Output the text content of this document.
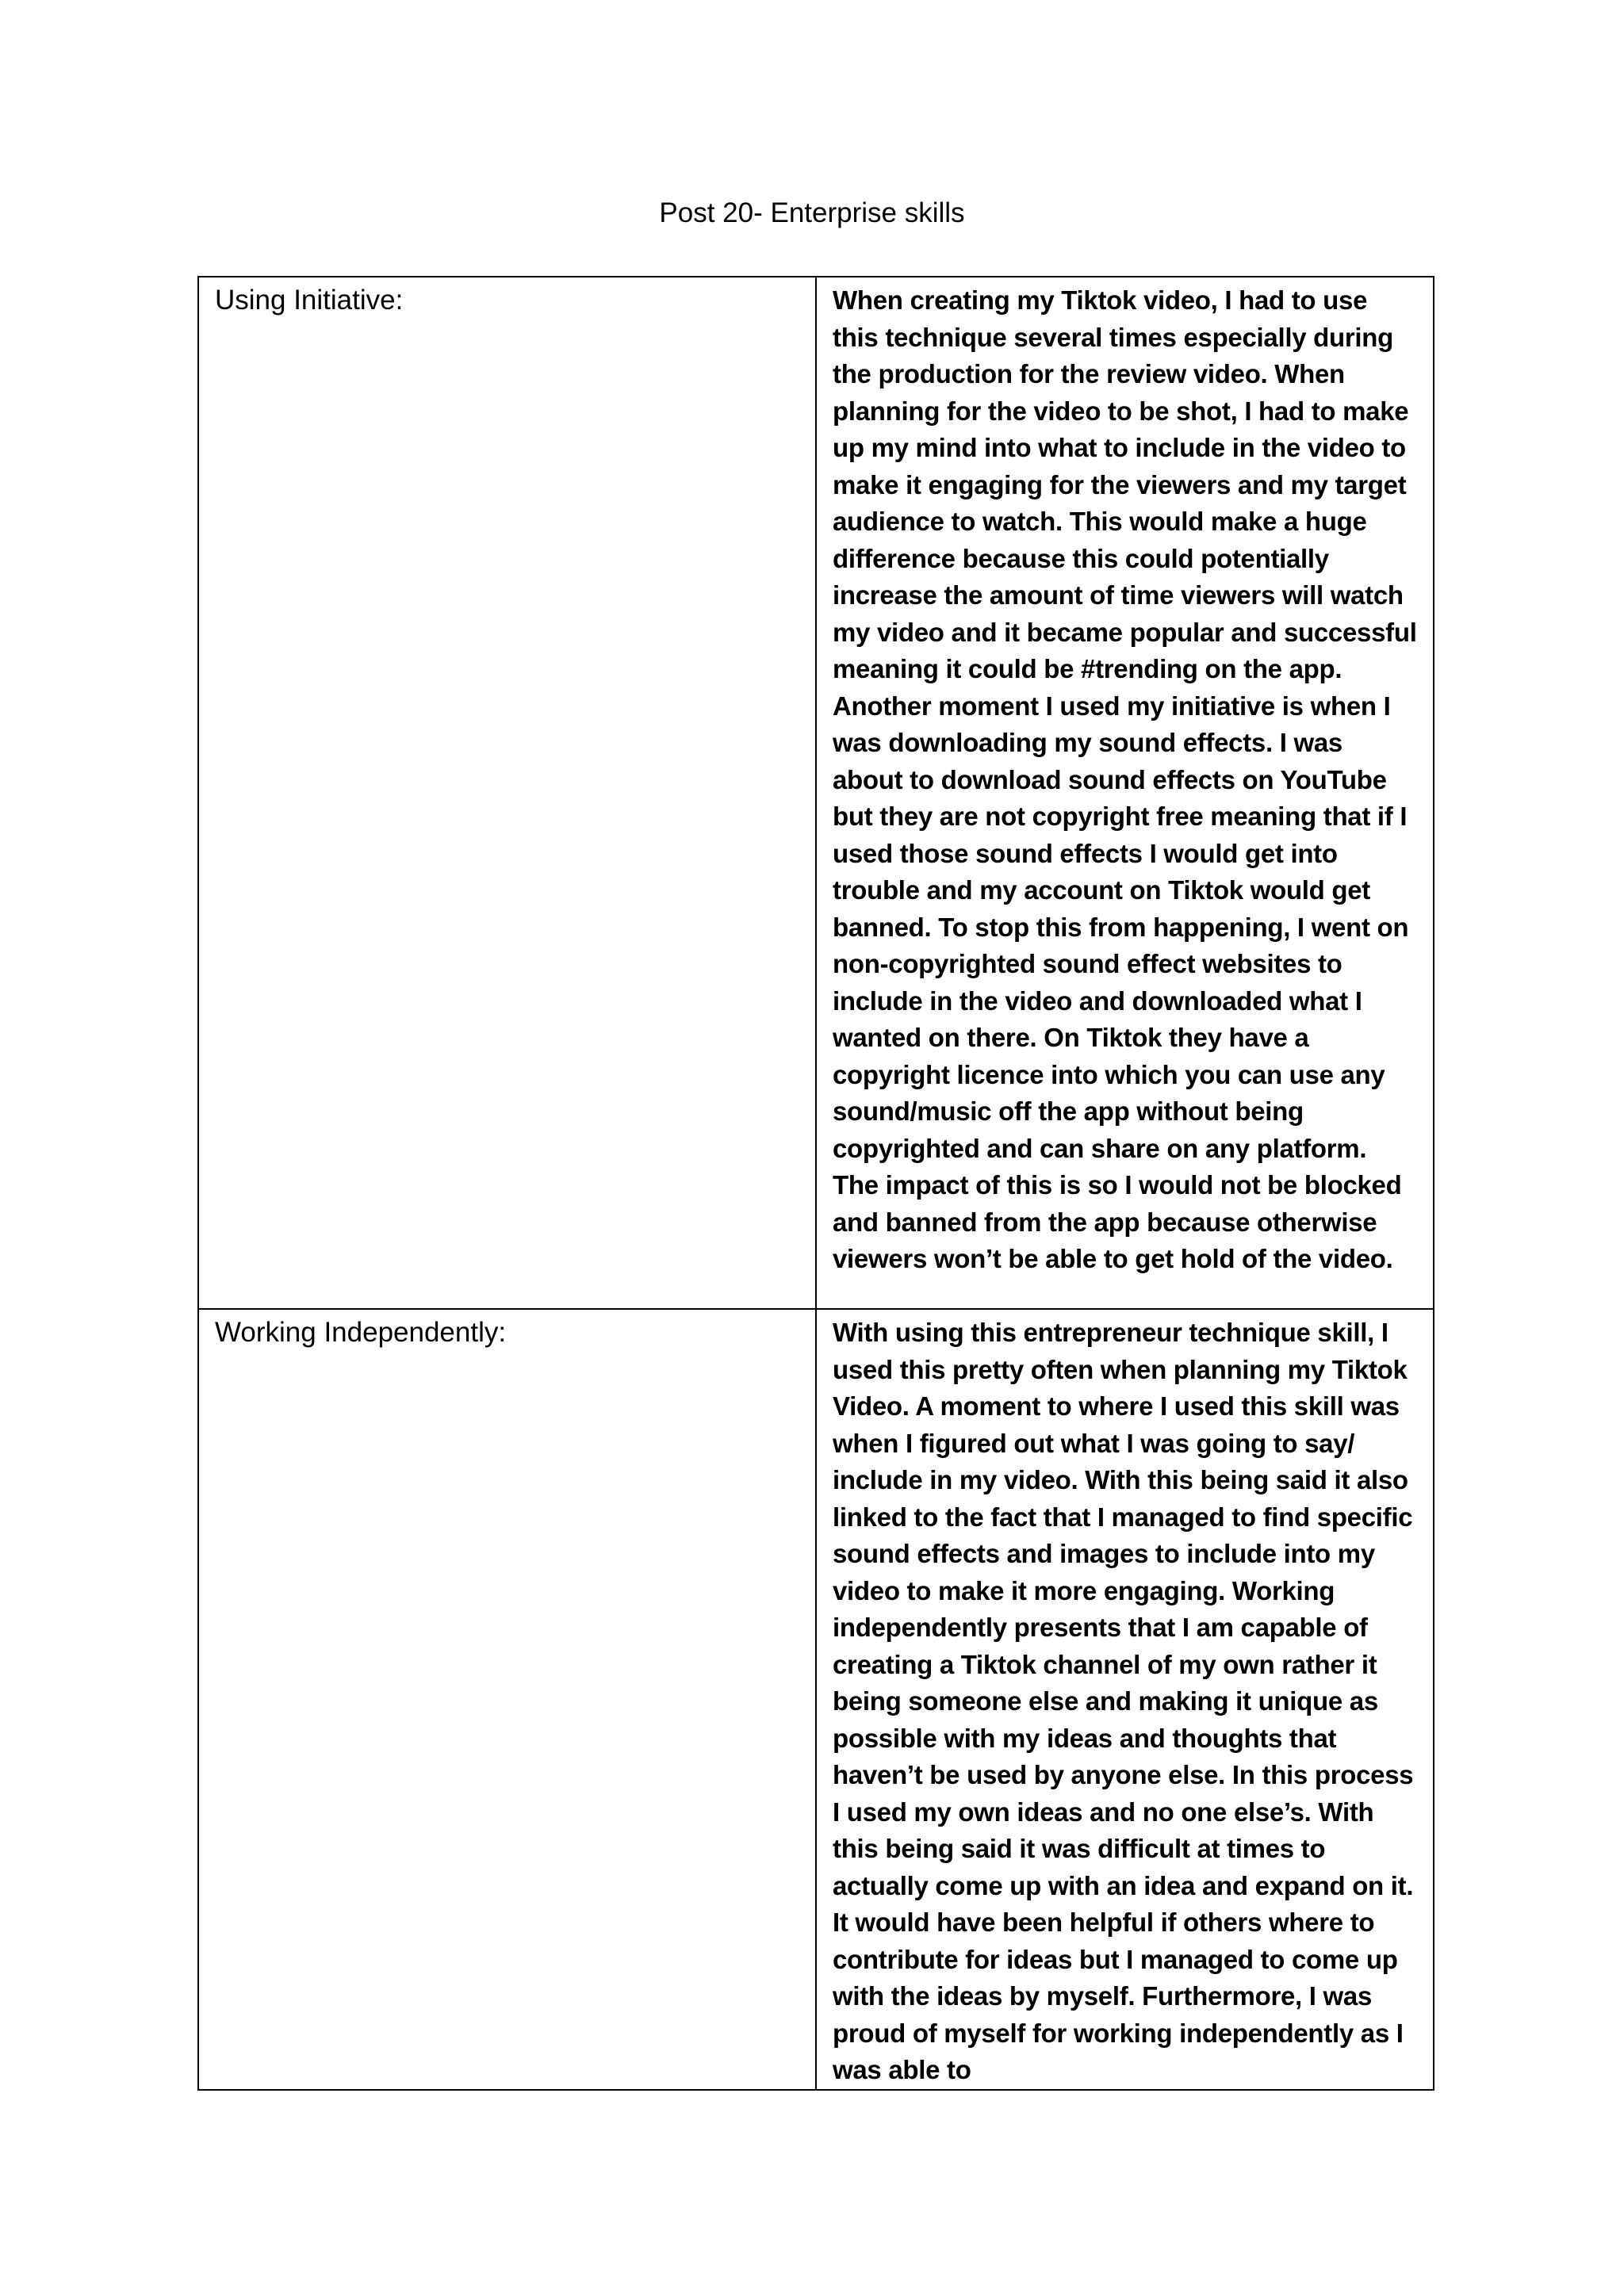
Post 20- Enterprise skills
Using Initiative:	When creating my Tiktok video, I had to use this technique several times especially during the production for the review video. When planning for the video to be shot, I had to make up my mind into what to include in the video to make it engaging for the viewers and my target audience to watch. This would make a huge difference because this could potentially increase the amount of time viewers will watch my video and it became popular and successful meaning it could be #trending on the app. Another moment I used my initiative is when I was downloading my sound effects. I was about to download sound effects on YouTube but they are not copyright free meaning that if I used those sound effects I would get into trouble and my account on Tiktok would get banned. To stop this from happening, I went on non-copyrighted sound effect websites to include in the video and downloaded what I wanted on there. On Tiktok they have a copyright licence into which you can use any sound/music off the app without being copyrighted and can share on any platform. The impact of this is so I would not be blocked and banned from the app because otherwise viewers won’t be able to get hold of the video.
Working Independently:	With using this entrepreneur technique skill, I used this pretty often when planning my Tiktok Video. A moment to where I used this skill was when I figured out what I was going to say/ include in my video. With this being said it also linked to the fact that I managed to find specific sound effects and images to include into my video to make it more engaging. Working independently presents that I am capable of creating a Tiktok channel of my own rather it being someone else and making it unique as possible with my ideas and thoughts that haven’t be used by anyone else. In this process I used my own ideas and no one else’s. With this being said it was difficult at times to actually come up with an idea and expand on it. It would have been helpful if others where to contribute for ideas but I managed to come up with the ideas by myself. Furthermore, I was proud of myself for working independently as I was able to
